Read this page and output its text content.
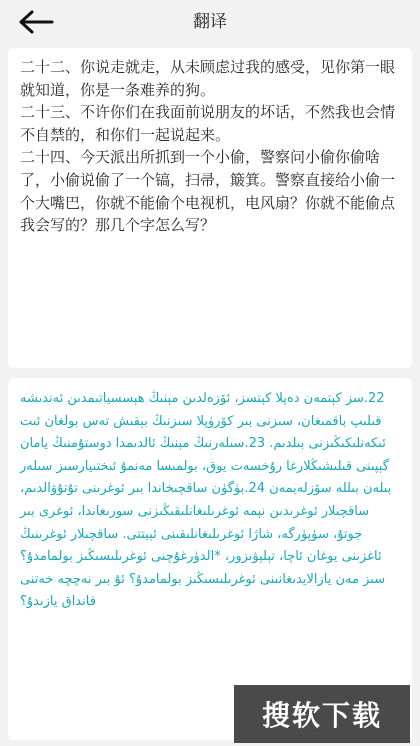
翻译

二十二、你说走就走，从未顾虑过我的感受，见你第一眼就知道，你是一条难养的狗。
二十三、不许你们在我面前说朋友的坏话，不然我也会情不自禁的，和你们一起说起来。
二十四、今天派出所抓到一个小偷，警察问小偷你偷啥了，小偷说偷了一个镐，扫帚，簸箕。警察直接给小偷一个大嘴巴，你就不能偷个电视机，电风扇？你就不能偷点我会写的？那几个字怎么写？

22.سز كېتمەن دەپلا كېتسز، ئۆزەلدىن مېنىڭ ھېسسياتىمدىن ئەندىشە قىلىپ باقمىغان، سىزنى بىر كۆرۈپلا سىزنىڭ بېقىش تەس بولغان ئىت ئىكەنلىكىڭىزنى بىلدىم. 23.سىلەرنىڭ مېنىڭ ئالدىمدا دوستۇمنىڭ يامان گېپىنى قىلىشىڭلارغا رۇخسەت يوق، بولمىسا مەنمۇ ئىختىيارسىز سىلەر بىلەن بىللە سۆزلەيمەن 24.بۈگۈن ساقچىخاندا بىر ئوغرىنى تۇتۇۋالدىم، ساقچىلار ئوغرىدىن نېمە ئوغرىلىغانلىقىڭىزنى سورىغاندا، ئوغرى بىر جوتۇ، سۈپۈرگە، شاژا ئوغرىلىغانلىقىنى ئېيتتى. ساقچىلار ئوغرىنىڭ ئاغزىنى يوغان ئاچا، تېلېۋىزور، *الدۈرغۇچنى ئوغرىلىسىڭىز بولمامدۇ؟ سىز مەن يازالايدىغانىنى ئوغرىلىسىڭىز بولمامدۇ؟ ئۇ بىر نەچچە خەتنى قانداق يازىدۇ؟

搜软下载
